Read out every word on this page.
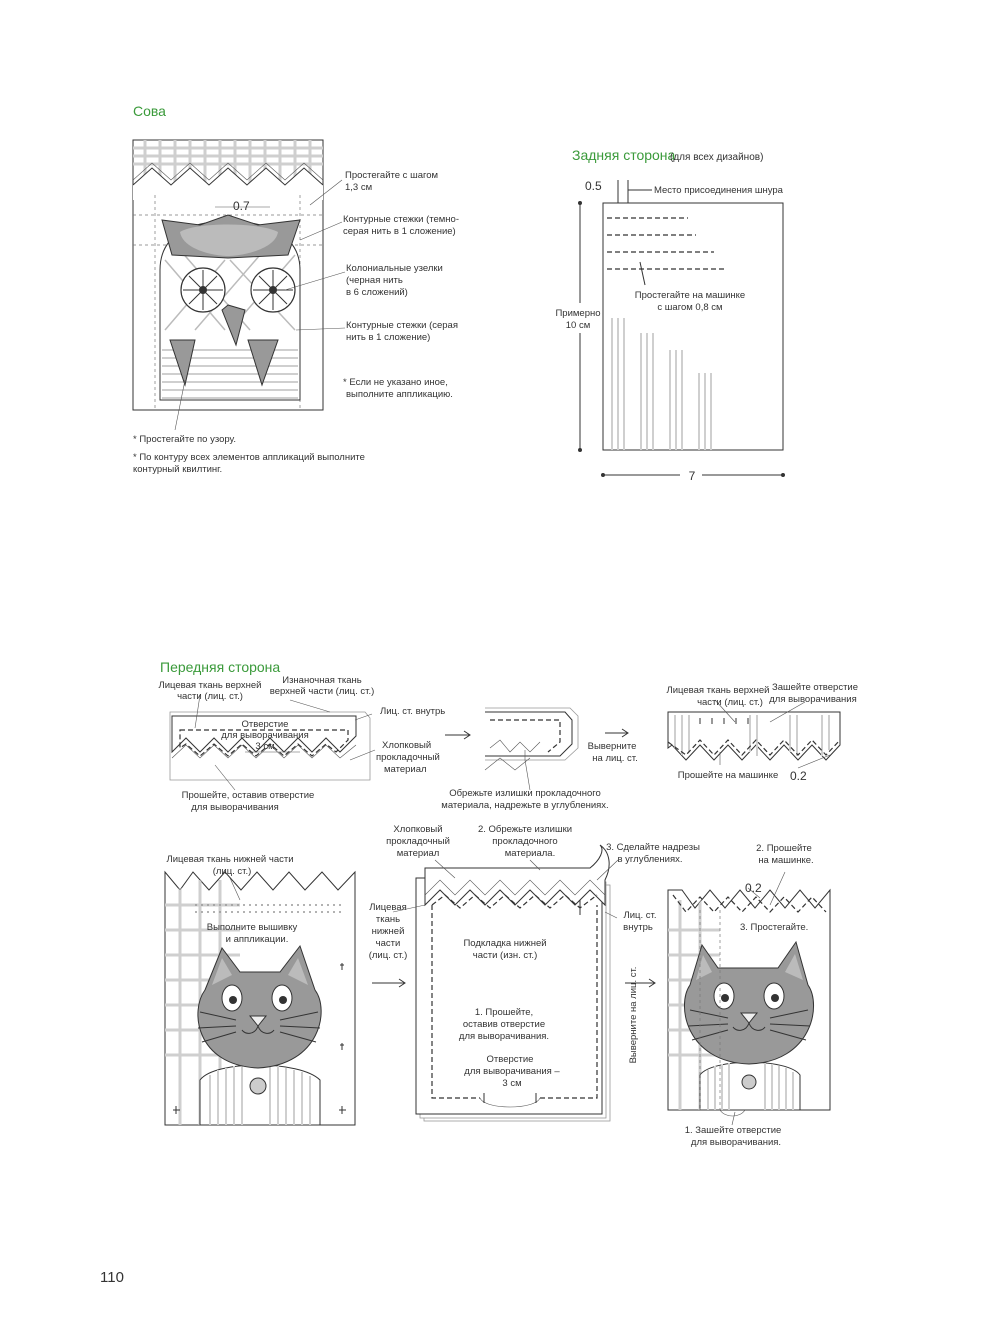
Сова
0.7
Простегайте с шагом
1,3 см
Контурные стежки (темно-
серая нить в 1 сложение)
Колониальные узелки
(черная нить
в 6 сложений)
Контурные стежки (серая
нить в 1 сложение)
* Если не указано иное,
выполните аппликацию.
* Простегайте по узору.
* По контуру всех элементов аппликаций выполните
контурный квилтинг.
Задняя сторона
(для всех дизайнов)
0.5	Место присоединения шнура
Примерно
10 см
Простегайте на машинке
с шагом 0,8 см
7
Передняя сторона
Лицевая ткань верхней
части (лиц. ст.)
Изнаночная ткань
верхней части (лиц. ст.)
Лиц. ст. внутрь
Отверстие
для выворачивания
3 см	Хлопковый
прокладочный
материал
Прошейте, оставив отверстие
для выворачивания
Обрежьте излишки прокладочного
материала, надрежьте в углублениях.
Выверните
на лиц. ст.
Лицевая ткань верхней
части (лиц. ст.)
Зашейте отверстие
для выворачивания
Прошейте на машинке 0.2
Лицевая ткань нижней части
(лиц. ст.)
Выполните вышивку
и аппликации.
Хлопковый
прокладочный
материал
2. Обрежьте излишки
прокладочного
материала.
3. Сделайте надрезы
в углублениях.
Лицевая
ткань
нижней
части
(лиц. ст.)
Подкладка нижней
части (изн. ст.)
1. Прошейте,
оставив отверстие
для выворачивания.
Отверстие
для выворачивания –
3 см
Лиц. ст.
внутрь
Выверните на лиц. ст.
2. Прошейте
на машинке.
0.2
3. Простегайте.
1. Зашейте отверстие
для выворачивания.
110
